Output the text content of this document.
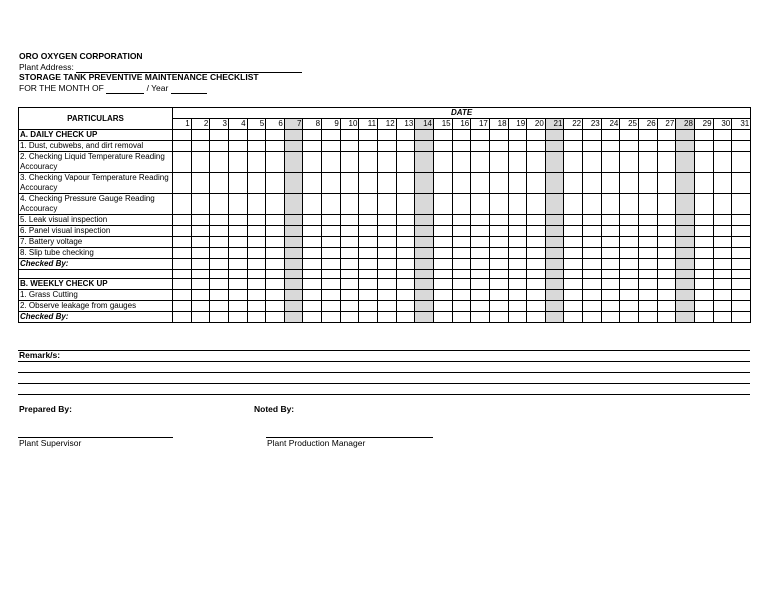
ORO OXYGEN CORPORATION
Plant Address:
STORAGE TANK PREVENTIVE MAINTENANCE CHECKLIST
FOR THE MONTH OF	/ Year
PARTICULARS	DATE																														
	1	2	3	4	5	6	7	8	9	10	11	12	13	14	15	16	17	18	19	20	21	22	23	24	25	26	27	28	29	30	31
A. DAILY CHECK UP																															
1. Dust, cubwebs, and dirt removal																															
2. Checking Liquid Temperature Reading Accouracy																															
3. Checking Vapour Temperature Reading Accouracy																															
4. Checking Pressure Gauge Reading Accouracy																															
5. Leak visual inspection																															
6. Panel visual inspection																															
7. Battery voltage																															
8. Slip tube checking																															
Checked By:																															

B. WEEKLY CHECK UP																															
1. Grass Cutting																															
2. Observe leakage from gauges																															
Checked By:																															
Remark/s:
Prepared By:	Noted By:
Plant Supervisor	Plant Production Manager
